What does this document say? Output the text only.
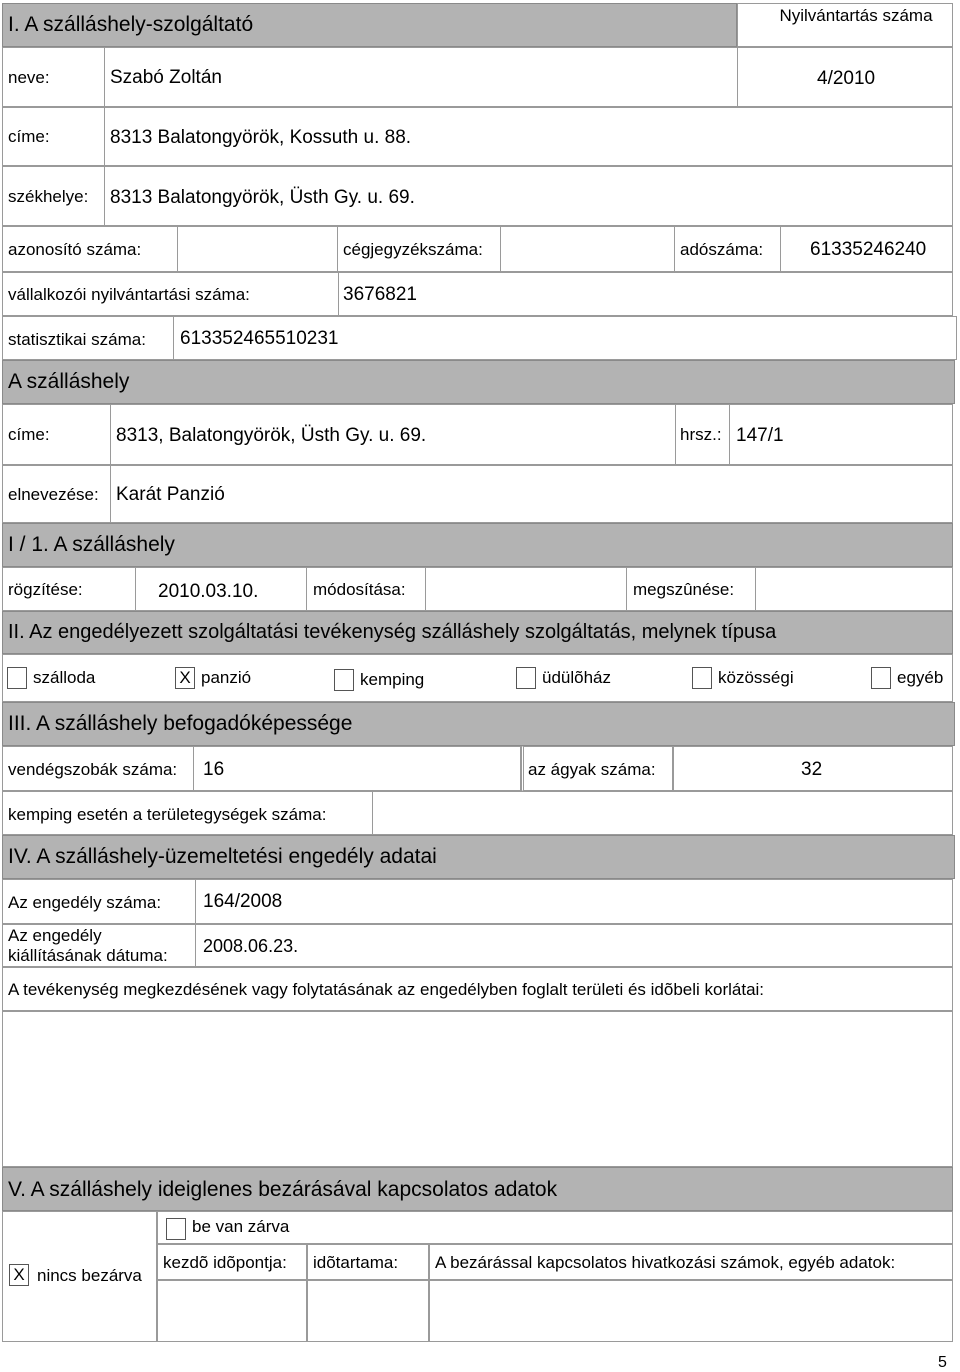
I. A szálláshely-szolgáltató	Nyilvántartás száma
neve:	Szabó Zoltán	4/2010
címe:	8313 Balatongyörök, Kossuth u. 88.
székhelye: 8313 Balatongyörök, Üsth Gy. u. 69.
azonosító száma:	cégjegyzékszáma:	adószáma: 61335246240
vállalkozói nyilvántartási száma:	3676821
statisztikai száma: 613352465510231
A szálláshely
címe:	8313, Balatongyörök, Üsth Gy. u. 69.	hrsz.: 147/1
elnevezése: Karát Panzió
I / 1. A szálláshely
rögzítése:	2010.03.10.	módosítása:	megszûnése:
II. Az engedélyezett szolgáltatási tevékenység szálláshely szolgáltatás, melynek típusa
szálloda	X panzió	kemping	üdülõház	közösségi	egyéb
III. A szálláshely befogadóképessége
vendégszobák száma: 16	az ágyak száma:	32
kemping esetén a területegységek száma:
IV. A szálláshely-üzemeltetési engedély adatai
Az engedély száma: 164/2008
Az engedély
kiállításának dátuma: 2008.06.23.
A tevékenység megkezdésének vagy folytatásának az engedélyben foglalt területi és idõbeli korlátai:
V. A szálláshely ideiglenes bezárásával kapcsolatos adatok
X nincs bezárva
be van zárva
kezdõ idõpontja: idõtartama: A bezárással kapcsolatos hivatkozási számok, egyéb adatok:
5
